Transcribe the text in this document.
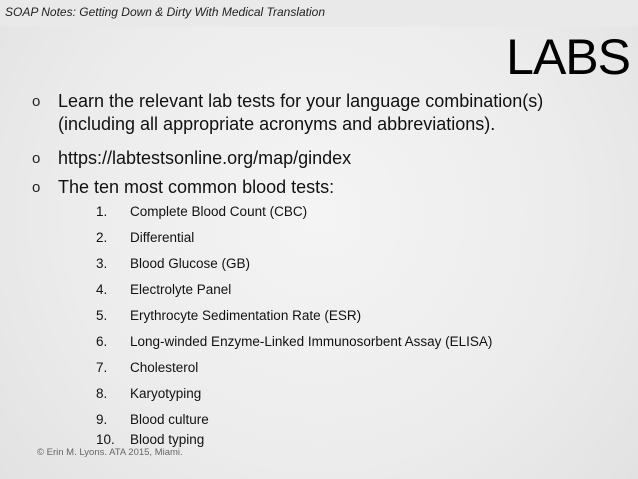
SOAP Notes: Getting Down & Dirty With Medical Translation
LABS
o Learn the relevant lab tests for your language combination(s) (including all appropriate acronyms and abbreviations).
o https://labtestsonline.org/map/gindex
o The ten most common blood tests:
1.	Complete Blood Count (CBC)
2.	Differential
3.	Blood Glucose (GB)
4.	Electrolyte Panel
5.	Erythrocyte Sedimentation Rate (ESR)
6.	Long-winded Enzyme-Linked Immunosorbent Assay (ELISA)
7.	Cholesterol
8.	Karyotyping
9.	Blood culture
10.	Blood typing
© Erin M. Lyons. ATA 2015, Miami.
